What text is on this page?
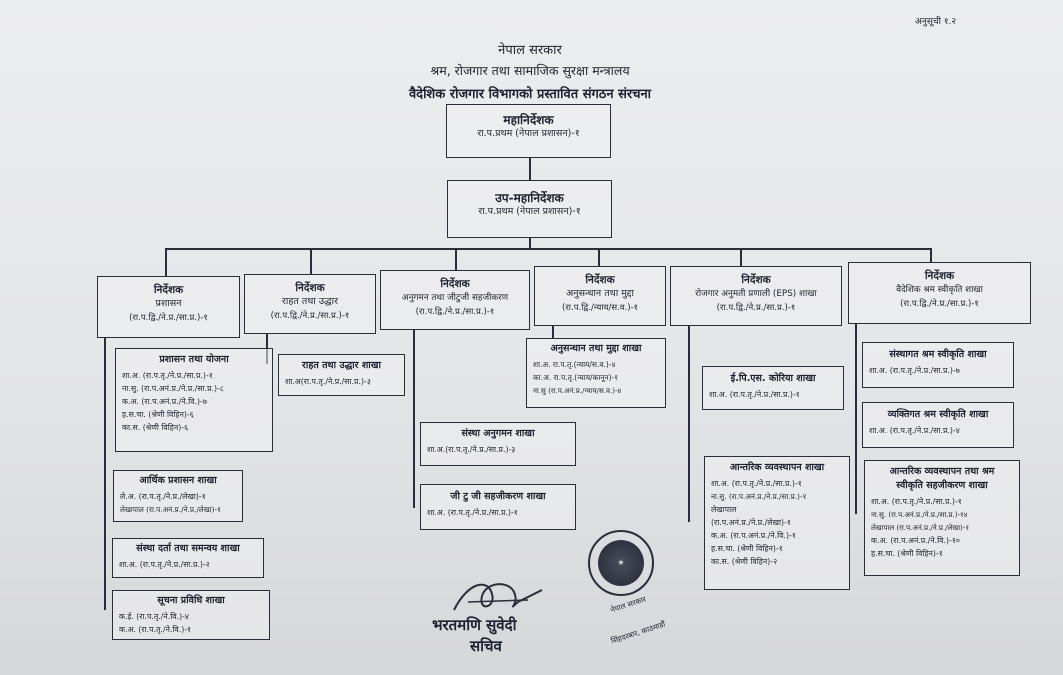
अनुसूची १.२
नेपाल सरकार
श्रम, रोजगार तथा सामाजिक सुरक्षा मन्त्रालय
वैदेशिक रोजगार विभागको प्रस्तावित संगठन संरचना
महानिर्देशक
रा.प.प्रथम (नेपाल प्रशासन)-१
उप-महानिर्देशक
रा.प.प्रथम (नेपाल प्रशासन)-१
निर्देशक
प्रशासन
(रा.प.द्वि./ने.प्र./सा.प्र.)-१
निर्देशक
राहत तथा उद्धार
(रा.प.द्वि./ने.प्र./सा.प्र.)-१
निर्देशक
अनुगमन तथा जीटुजी सहजीकरण
(रा.प.द्वि./ने.प्र./सा.प्र.)-१
निर्देशक
अनुसन्धान तथा मुद्दा
(रा.प.द्वि./न्याय/स.व.)-१
निर्देशक
रोजगार अनुमती प्रणाली (EPS) शाखा
(रा.प.द्वि./ने.प्र./सा.प्र.)-१
निर्देशक
वैदेशिक श्रम स्वीकृति शाखा
(रा.प.द्वि./ने.प्र./सा.प्र.)-१
प्रशासन तथा योजना
शा.अ. (रा.प.तृ./ने.प्र./सा.प्र.)-१
ना.सु. (रा.प.अनं.प्र./ने.प्र./सा.प्र.)-८
क.अ. (रा.प.अनं.प्र./ने.वि.)-७
ह.स.चा. (श्रेणी विहिन)-६
का.स. (श्रेणी विहिन)-६
आर्थिक प्रशासन शाखा
ले.अ. (रा.प.तृ./ने.प्र./लेखा)-१
लेखापाल (रा.प.अनं.प्र./ने.प्र./लेखा)-१
संस्था दर्ता तथा समन्वय शाखा
शा.अ. (रा.प.तृ./ने.प्र./सा.प्र.)-२
सूचना प्रविधि शाखा
क.ई. (रा.प.तृ./ने.वि.)-४
क.अ. (रा.प.तृ./ने.वि.)-१
राहत तथा उद्धार शाखा
शा.अ(रा.प.तृ./ने.प्र./सा.प्र.)-३
संस्था अनुगमन शाखा
शा.अ.(रा.प.तृ./ने.प्र./सा.प्र.)-३
जी टु जी सहजीकरण शाखा
शा.अ. (रा.प.तृ./ने.प्र./सा.प्र.)-१
अनुसन्धान तथा मुद्दा शाखा
शा.अ. रा.प.तृ.(न्याय/स.व.)-४
का.अ. रा.प.तृ.(न्याय/कानून)-१
ना.सु (रा.प.अनं.प्र./न्याय/स.व.)-४
ई.पि.एस. कोरिया शाखा
शा.अ. (रा.प.तृ./ने.प्र./सा.प्र.)-१
आन्तरिक व्यवस्थापन शाखा
शा.अ. (रा.प.तृ./ने.प्र./सा.प्र.)-१
ना.सु. (रा.प.अनं.प्र./ने.प्र./सा.प्र.)-१
लेखापाल
(रा.प.अनं.प्र./ने.प्र./लेखा)-१
क.अ. (रा.प.अनं.प्र./ने.वि.)-१
ह.स.चा. (श्रेणी विहिन)-१
का.स. (श्रेणी विहिन)-२
संस्थागत श्रम स्वीकृति शाखा
शा.अ. (रा.प.तृ./ने.प्र./सा.प्र.)-७
व्यक्तिगत श्रम स्वीकृति शाखा
शा.अ. (रा.प.तृ./ने.प्र./सा.प्र.)-४
आन्तरिक व्यवस्थापन तथा श्रम
स्वीकृति सहजीकरण शाखा
शा.अ. (रा.प.तृ./ने.प्र./सा.प्र.)-१
ना.सु. (रा.प.अनं.प्र./ने.प्र./सा.प्र.)-१४
लेखापाल (रा.प.अनं.प्र./ने.प्र./लेखा)-१
क.अ. (रा.प.अनं.प्र./ने.वि.)-१०
ह.स.चा. (श्रेणी विहिन)-१
भरतमणि सुवेदी
सचिव
★
नेपाल सरकार
सिंहदरबार, काठमाडौं
